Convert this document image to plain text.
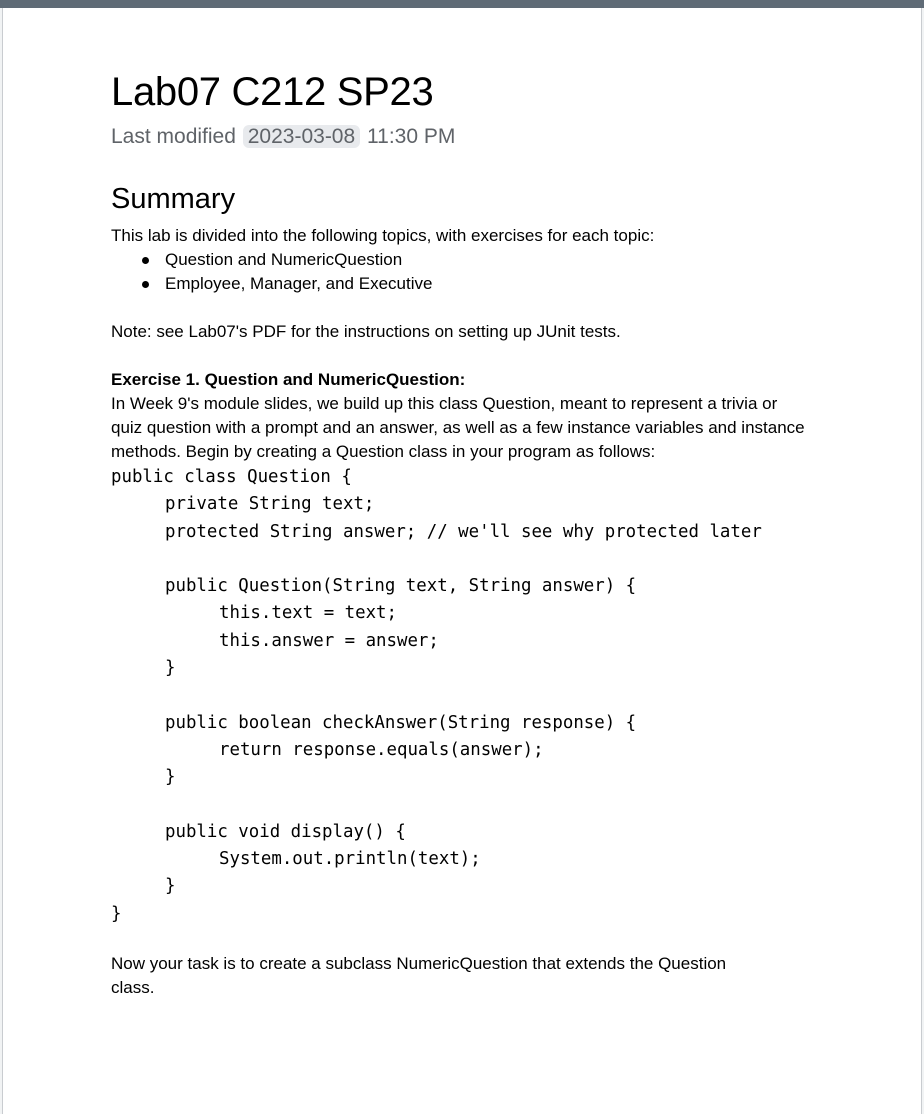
Lab07 C212 SP23
Last modified 2023-03-08 11:30 PM
Summary
This lab is divided into the following topics, with exercises for each topic:
Question and NumericQuestion
Employee, Manager, and Executive
Note: see Lab07's PDF for the instructions on setting up JUnit tests.
Exercise 1. Question and NumericQuestion:
In Week 9's module slides, we build up this class Question, meant to represent a trivia or quiz question with a prompt and an answer, as well as a few instance variables and instance methods. Begin by creating a Question class in your program as follows:
public class Question {
private String text;
protected String answer; // we'll see why protected later
public Question(String text, String answer) {
this.text = text;
this.answer = answer;
}
public boolean checkAnswer(String response) {
return response.equals(answer);
}
public void display() {
System.out.println(text);
}
}
Now your task is to create a subclass NumericQuestion that extends the Question class.
